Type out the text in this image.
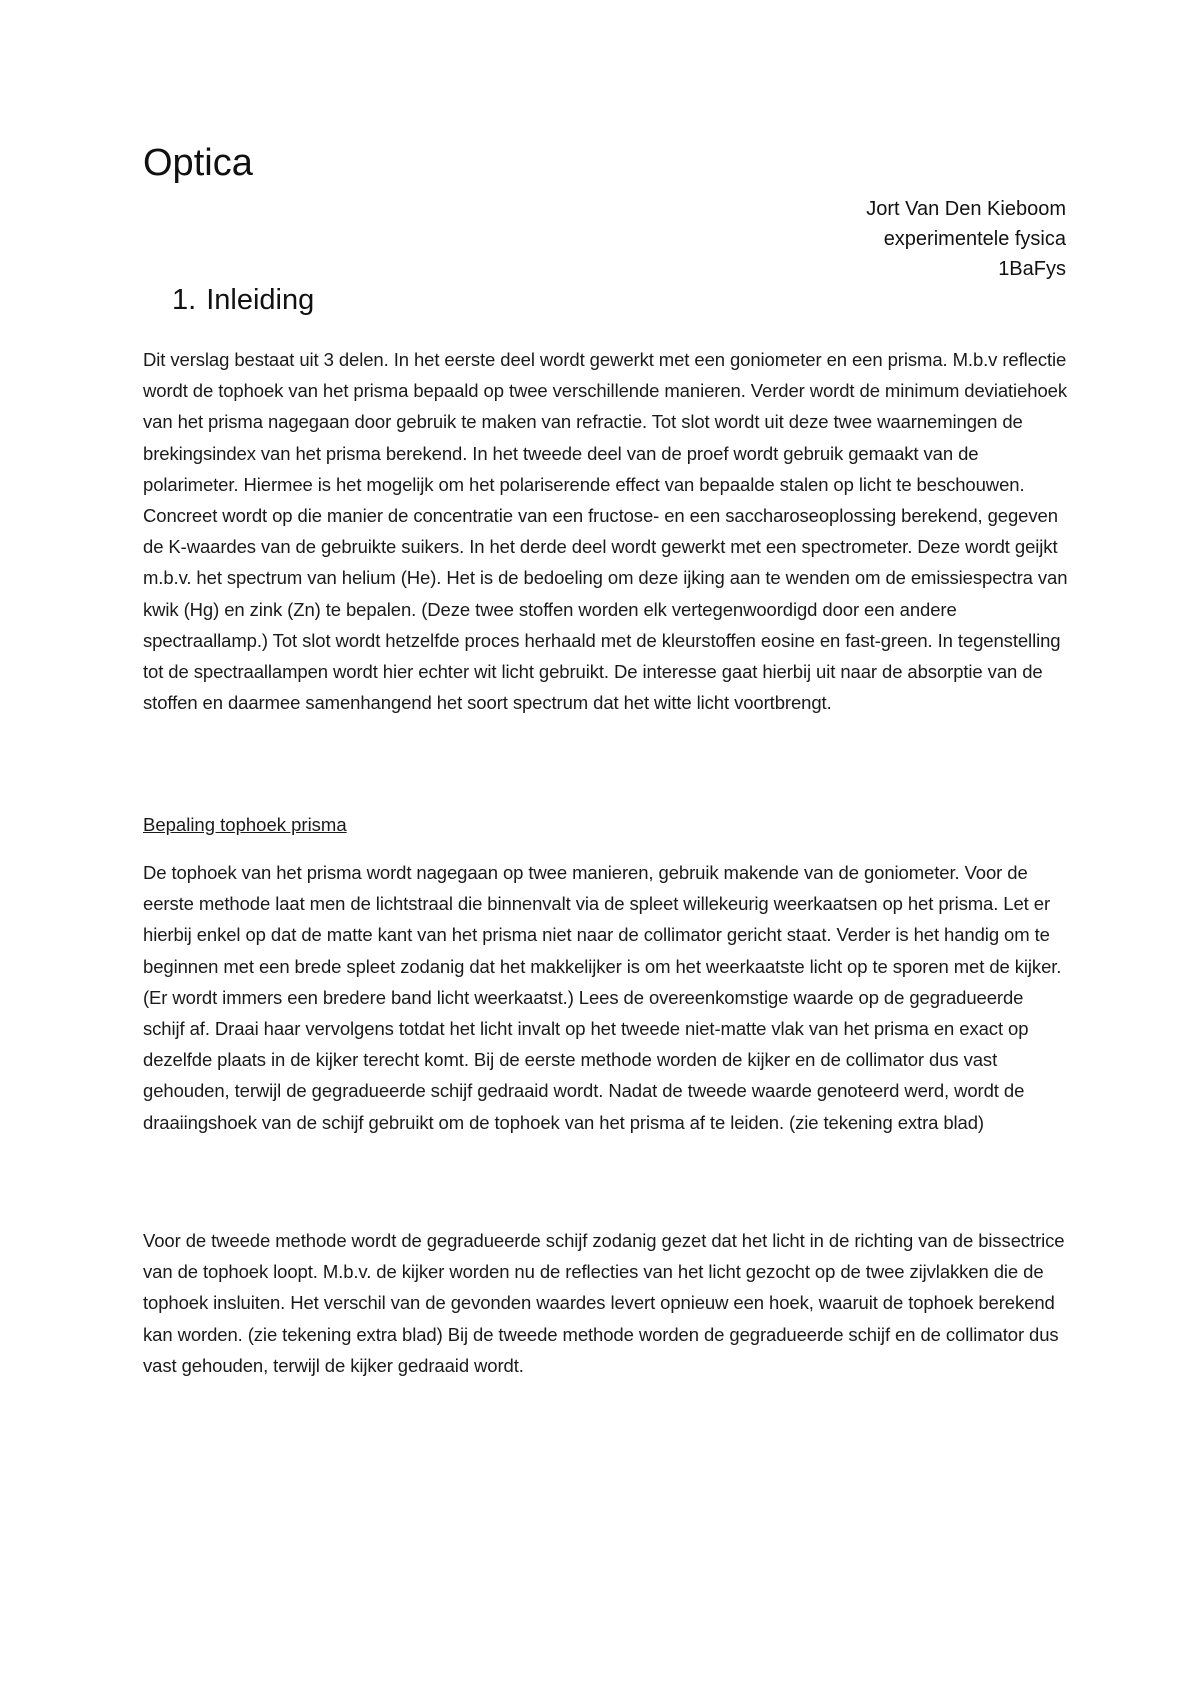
Optica
Jort Van Den Kieboom
experimentele fysica
1BaFys
1. Inleiding

Dit verslag bestaat uit 3 delen. In het eerste deel wordt gewerkt met een goniometer en een prisma. M.b.v reflectie wordt de tophoek van het prisma bepaald op twee verschillende manieren. Verder wordt de minimum deviatiehoek van het prisma nagegaan door gebruik te maken van refractie. Tot slot wordt uit deze twee waarnemingen de brekingsindex van het prisma berekend. In het tweede deel van de proef wordt gebruik gemaakt van de polarimeter. Hiermee is het mogelijk om het polariserende effect van bepaalde stalen op licht te beschouwen. Concreet wordt op die manier de concentratie van een fructose- en een saccharoseoplossing berekend, gegeven de K-waardes van de gebruikte suikers. In het derde deel wordt gewerkt met een spectrometer. Deze wordt geijkt m.b.v. het spectrum van helium (He). Het is de bedoeling om deze ijking aan te wenden om de emissiespectra van kwik (Hg) en zink (Zn) te bepalen. (Deze twee stoffen worden elk vertegenwoordigd door een andere spectraallamp.) Tot slot wordt hetzelfde proces herhaald met de kleurstoffen eosine en fast-green. In tegenstelling tot de spectraallampen wordt hier echter wit licht gebruikt. De interesse gaat hierbij uit naar de absorptie van de stoffen en daarmee samenhangend het soort spectrum dat het witte licht voortbrengt.

Bepaling tophoek prisma

De tophoek van het prisma wordt nagegaan op twee manieren, gebruik makende van de goniometer. Voor de eerste methode laat men de lichtstraal die binnenvalt via de spleet willekeurig weerkaatsen op het prisma. Let er hierbij enkel op dat de matte kant van het prisma niet naar de collimator gericht staat. Verder is het handig om te beginnen met een brede spleet zodanig dat het makkelijker is om het weerkaatste licht op te sporen met de kijker. (Er wordt immers een bredere band licht weerkaatst.) Lees de overeenkomstige waarde op de gegradueerde schijf af. Draai haar vervolgens totdat het licht invalt op het tweede niet-matte vlak van het prisma en exact op dezelfde plaats in de kijker terecht komt. Bij de eerste methode worden de kijker en de collimator dus vast gehouden, terwijl de gegradueerde schijf gedraaid wordt. Nadat de tweede waarde genoteerd werd, wordt de draaiingshoek van de schijf gebruikt om de tophoek van het prisma af te leiden. (zie tekening extra blad)

Voor de tweede methode wordt de gegradueerde schijf zodanig gezet dat het licht in de richting van de bissectrice van de tophoek loopt. M.b.v. de kijker worden nu de reflecties van het licht gezocht op de twee zijvlakken die de tophoek insluiten. Het verschil van de gevonden waardes levert opnieuw een hoek, waaruit de tophoek berekend kan worden. (zie tekening extra blad) Bij de tweede methode worden de gegradueerde schijf en de collimator dus vast gehouden, terwijl de kijker gedraaid wordt.
